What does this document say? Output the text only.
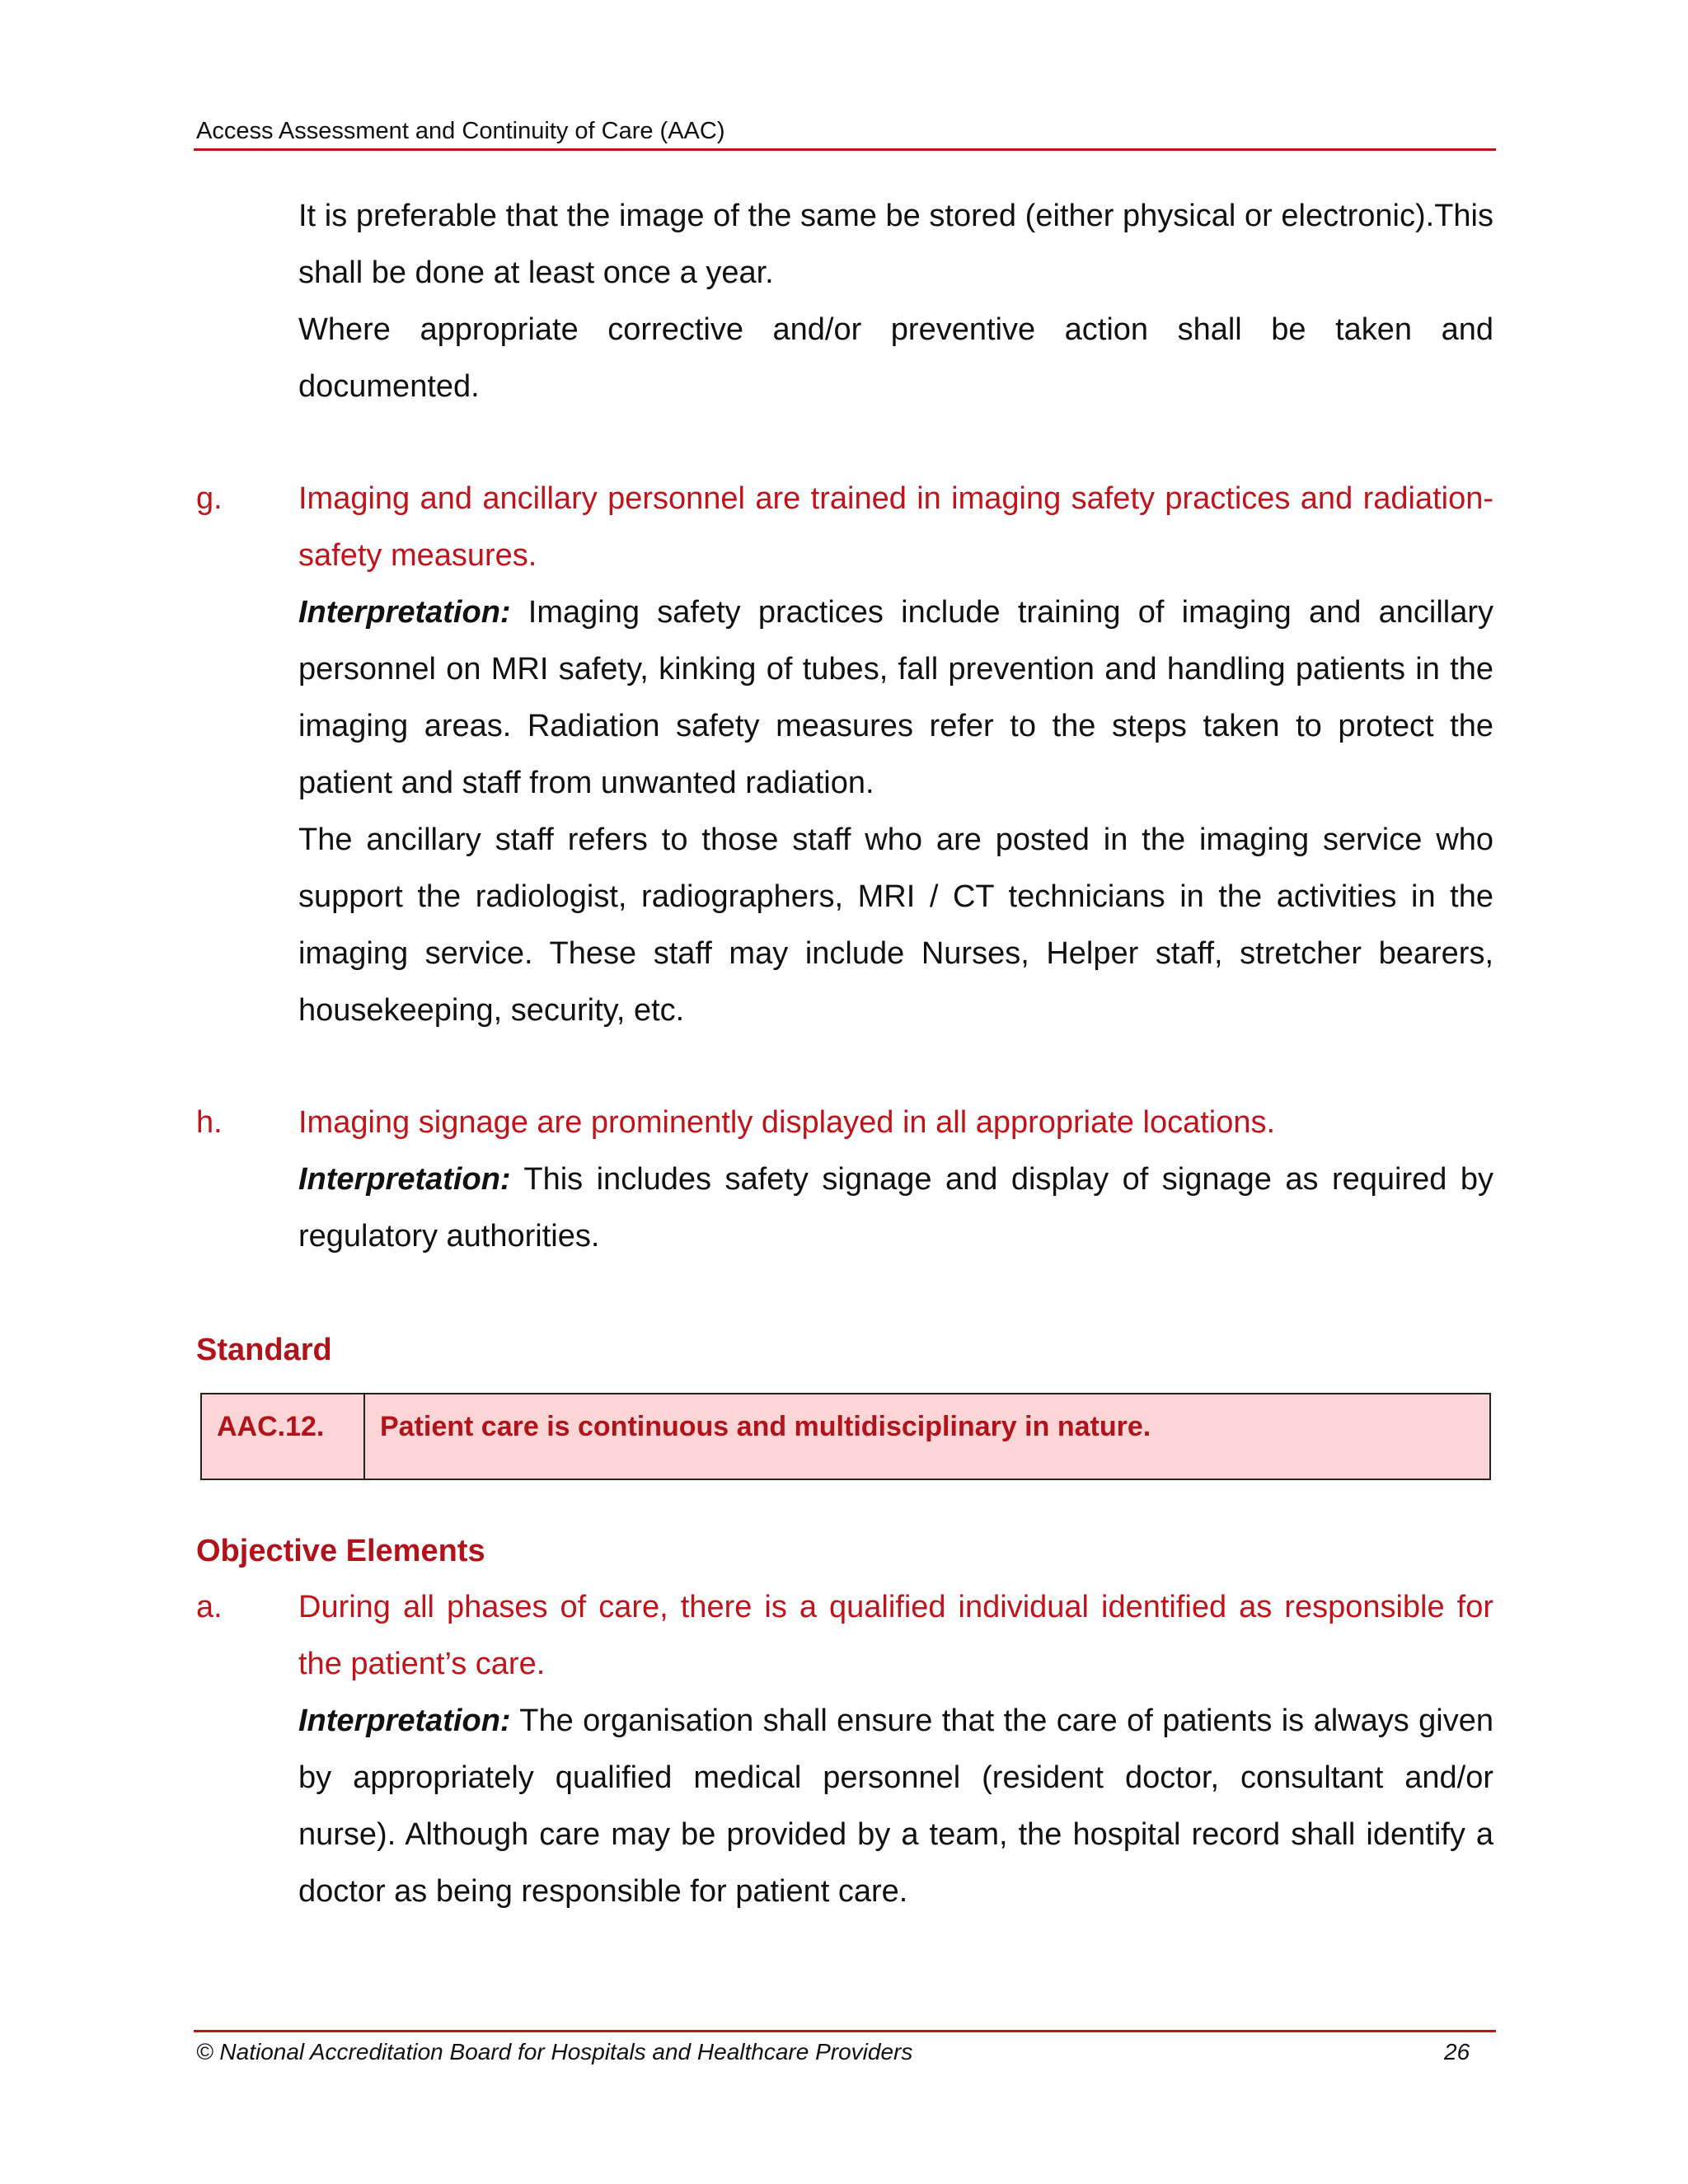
Access Assessment and Continuity of Care (AAC)

It is preferable that the image of the same be stored (either physical or electronic).This shall be done at least once a year.

Where appropriate corrective and/or preventive action shall be taken and documented.

g. Imaging and ancillary personnel are trained in imaging safety practices and radiation-safety measures.

Interpretation: Imaging safety practices include training of imaging and ancillary personnel on MRI safety, kinking of tubes, fall prevention and handling patients in the imaging areas. Radiation safety measures refer to the steps taken to protect the patient and staff from unwanted radiation.

The ancillary staff refers to those staff who are posted in the imaging service who support the radiologist, radiographers, MRI / CT technicians in the activities in the imaging service. These staff may include Nurses, Helper staff, stretcher bearers, housekeeping, security, etc.

h. Imaging signage are prominently displayed in all appropriate locations.

Interpretation: This includes safety signage and display of signage as required by regulatory authorities.

Standard
AAC.12.	Patient care is continuous and multidisciplinary in nature.
Objective Elements
a. During all phases of care, there is a qualified individual identified as responsible for the patient’s care.

Interpretation: The organisation shall ensure that the care of patients is always given by appropriately qualified medical personnel (resident doctor, consultant and/or nurse). Although care may be provided by a team, the hospital record shall identify a doctor as being responsible for patient care.

© National Accreditation Board for Hospitals and Healthcare Providers	26
